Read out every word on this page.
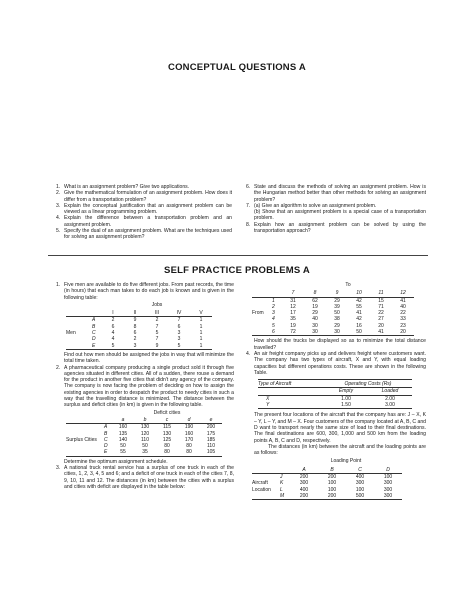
CONCEPTUAL QUESTIONS A
1. What is an assignment problem? Give two applications.
2. Give the mathematical formulation of an assignment problem. How does it differ from a transportation problem?
3. Explain the conceptual justification that an assignment problem can be viewed as a linear programming problem.
4. Explain the difference between a transportation problem and an assignment problem.
5. Specify the dual of an assignment problem. What are the techniques used for solving an assignment problem?
6. State and discuss the methods of solving an assignment problem. How is the Hungarian method better than other methods for solving an assignment problem?
7. (a) Give an algorithm to solve an assignment problem.
(b) Show that an assignment problem is a special case of a transportation problem.
8. Explain how an assignment problem can be solved by using the transportation approach?
SELF PRACTICE PROBLEMS A
1. Five men are available to do five different jobs. From past records, the time (in hours) that each man takes to do each job is known and is given in the following table:
		Jobs				
		I	II	III	IV	V
	A	2	9	2	7	1
	B	6	8	7	6	1
Men	C	4	6	5	3	1
	D	4	2	7	3	1
	E	5	3	9	5	1
Find out how men should be assigned the jobs in way that will minimize the total time taken.
2. A pharmaceutical company producing a single product sold it through five agencies situated in different cities. All of a sudden, there rouse a demand for the product in another five cities that didn't any agency of the company. The company is now facing the problem of deciding on how to assign the existing agencies in order to despatch the product to needy cities in such a way that the travelling distance is minimized. The distance between the surplus and deficit cities (in km) is given in the following table.
		Deficit cities				
		a	b	c	d	e
	A	160	130	115	190	200
	B	135	120	130	160	175
Surplus Cities	C	140	110	125	170	185
	D	50	50	80	80	110
	E	55	35	80	80	105
Determine the optimum assignment schedule.
3. A national truck rental service has a surplus of one truck in each of the cities, 1, 2, 3, 4, 5 and 6; and a deficit of one truck in each of the cities 7, 8, 9, 10, 11 and 12. The distances (in km) between the cities with a surplus and cities with deficit are displayed in the table below:
		To					
		7	8	9	10	11	12
	1	31	62	29	42	15	41
	2	12	19	39	55	71	40
From	3	17	29	50	41	22	22
	4	35	40	38	42	27	33
	5	19	30	29	16	20	23
	6	72	30	30	50	41	20
How should the trucks be displayed so as to minimize the total distance travelled?
4. An air freight company picks up and delivers freight where customers want. The company has two types of aircraft, X and Y, with equal loading capacities but different operations costs. These are shown in the following Table.
Type of Aircraft	Operating Costs (Rs)	
	Empty	Loaded
X	1.00	2.00
Y	1.50	3.00
The present four locations of the aircraft that the company has are: J – X, K – Y, L – Y, and M – X. Four customers of the company located at A, B, C and D want to transport nearly the same size of load to their final destinations. The final destinations are 600, 300, 1,000 and 500 km from the loading points A, B, C and D, respectively.
The distances (in km) between the aircraft and the loading points are as follows:
		Loading Point			
		A	B	C	D
	J	200	200	400	100
Aircraft	K	300	100	300	300
Location	L	400	100	100	300
	M	200	200	500	300
